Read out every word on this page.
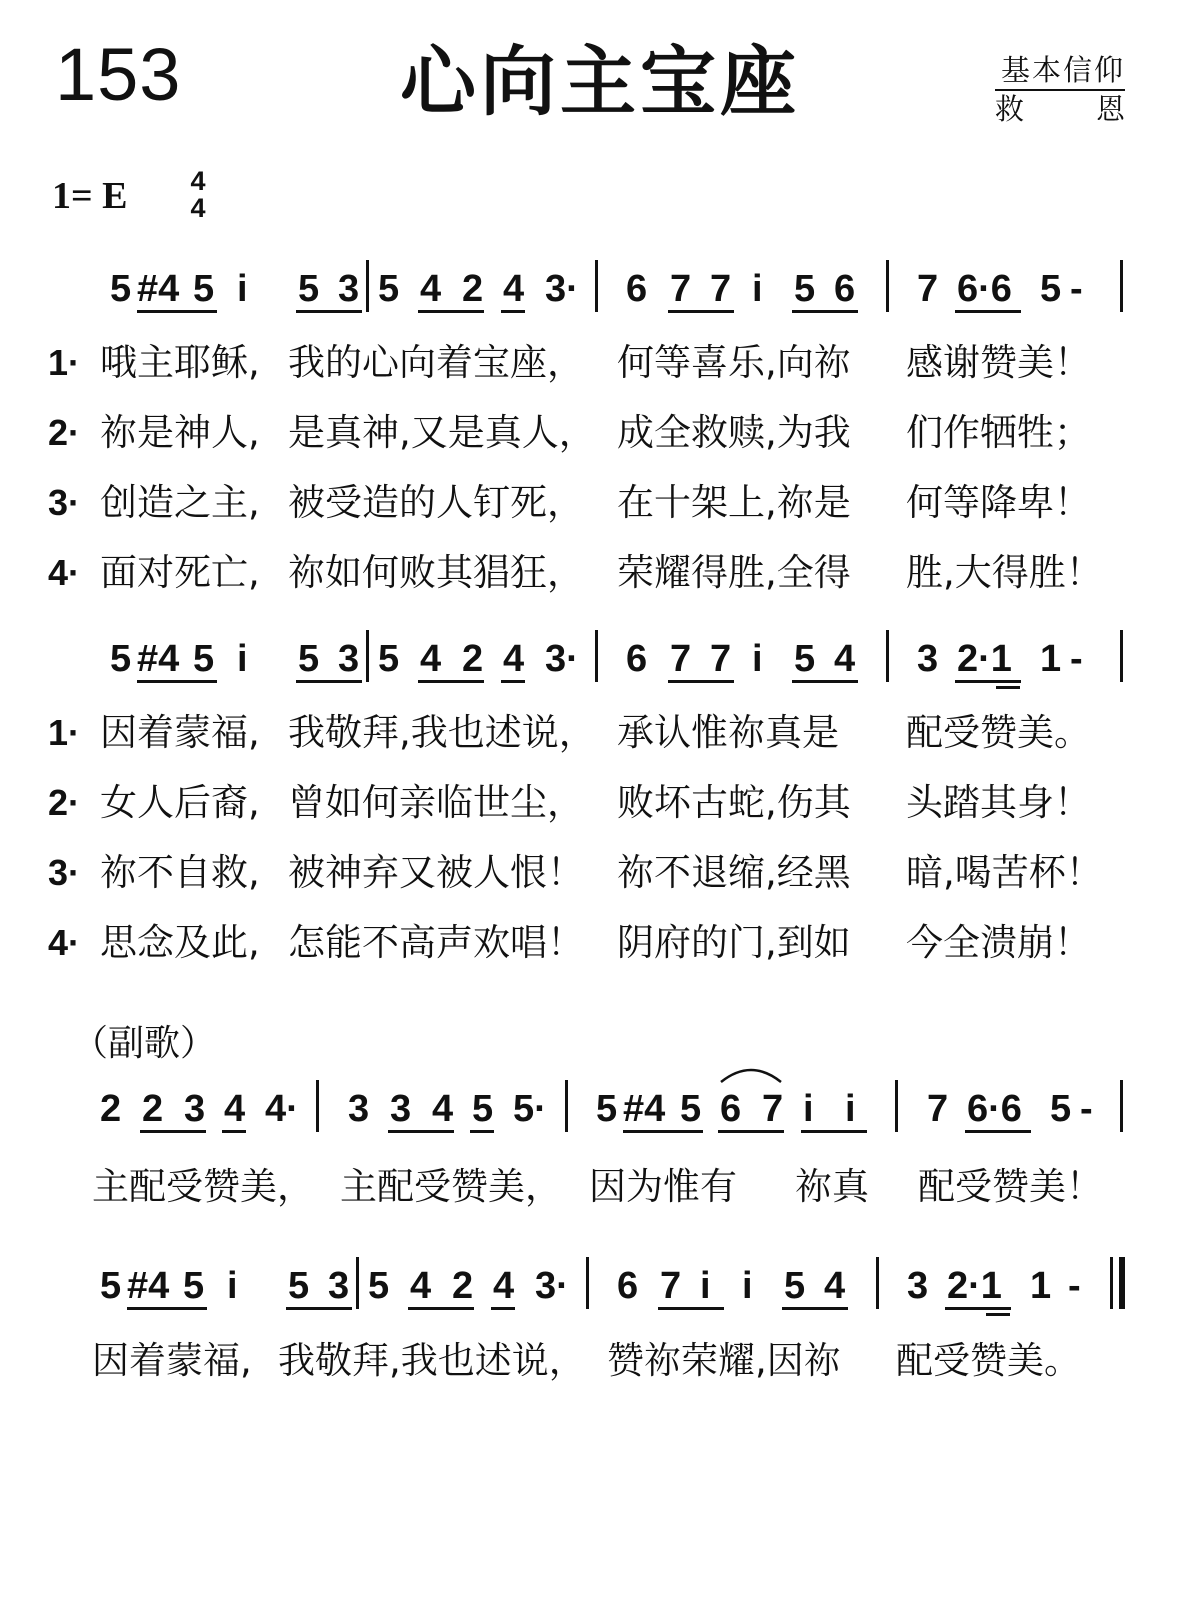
153	心向主宝座	基本信仰
救 恩
1= E 4
4
5 #4 5 i 5 3 5 4 2 4 3· 6 7 7 i 5 6 7 6·6 5 -
1· 哦主耶稣, 我的心向着宝座， 何等喜乐,向祢 感谢赞美！
2· 祢是神人, 是真神,又是真人， 成全救赎,为我 们作牺牲；
3· 创造之主, 被受造的人钉死， 在十架上,祢是 何等降卑！
4· 面对死亡, 祢如何败其猖狂， 荣耀得胜,全得 胜,大得胜！
5 #4 5 i 5 3 5 4 2 4 3· 6 7 7 i 5 4 3 2·1 1 -
1· 因着蒙福, 我敬拜,我也述说， 承认惟祢真是 配受赞美。
2· 女人后裔, 曾如何亲临世尘， 败坏古蛇,伤其 头踏其身！
3· 祢不自救, 被神弃又被人恨！ 祢不退缩,经黑 暗,喝苦杯！
4· 思念及此, 怎能不高声欢唱！ 阴府的门,到如 今全溃崩！
（副歌）
2 2 3 4 4· 3 3 4 5 5· 5 #4 5 6 7 i i 7 6·6 5 -
主配受赞美， 主配受赞美， 因为惟有 祢真 配受赞美！
5 #4 5 i 5 3 5 4 2 4 3· 6 7 i i 5 4 3 2·1 1 -
因着蒙福, 我敬拜,我也述说， 赞祢荣耀,因祢 配受赞美。
